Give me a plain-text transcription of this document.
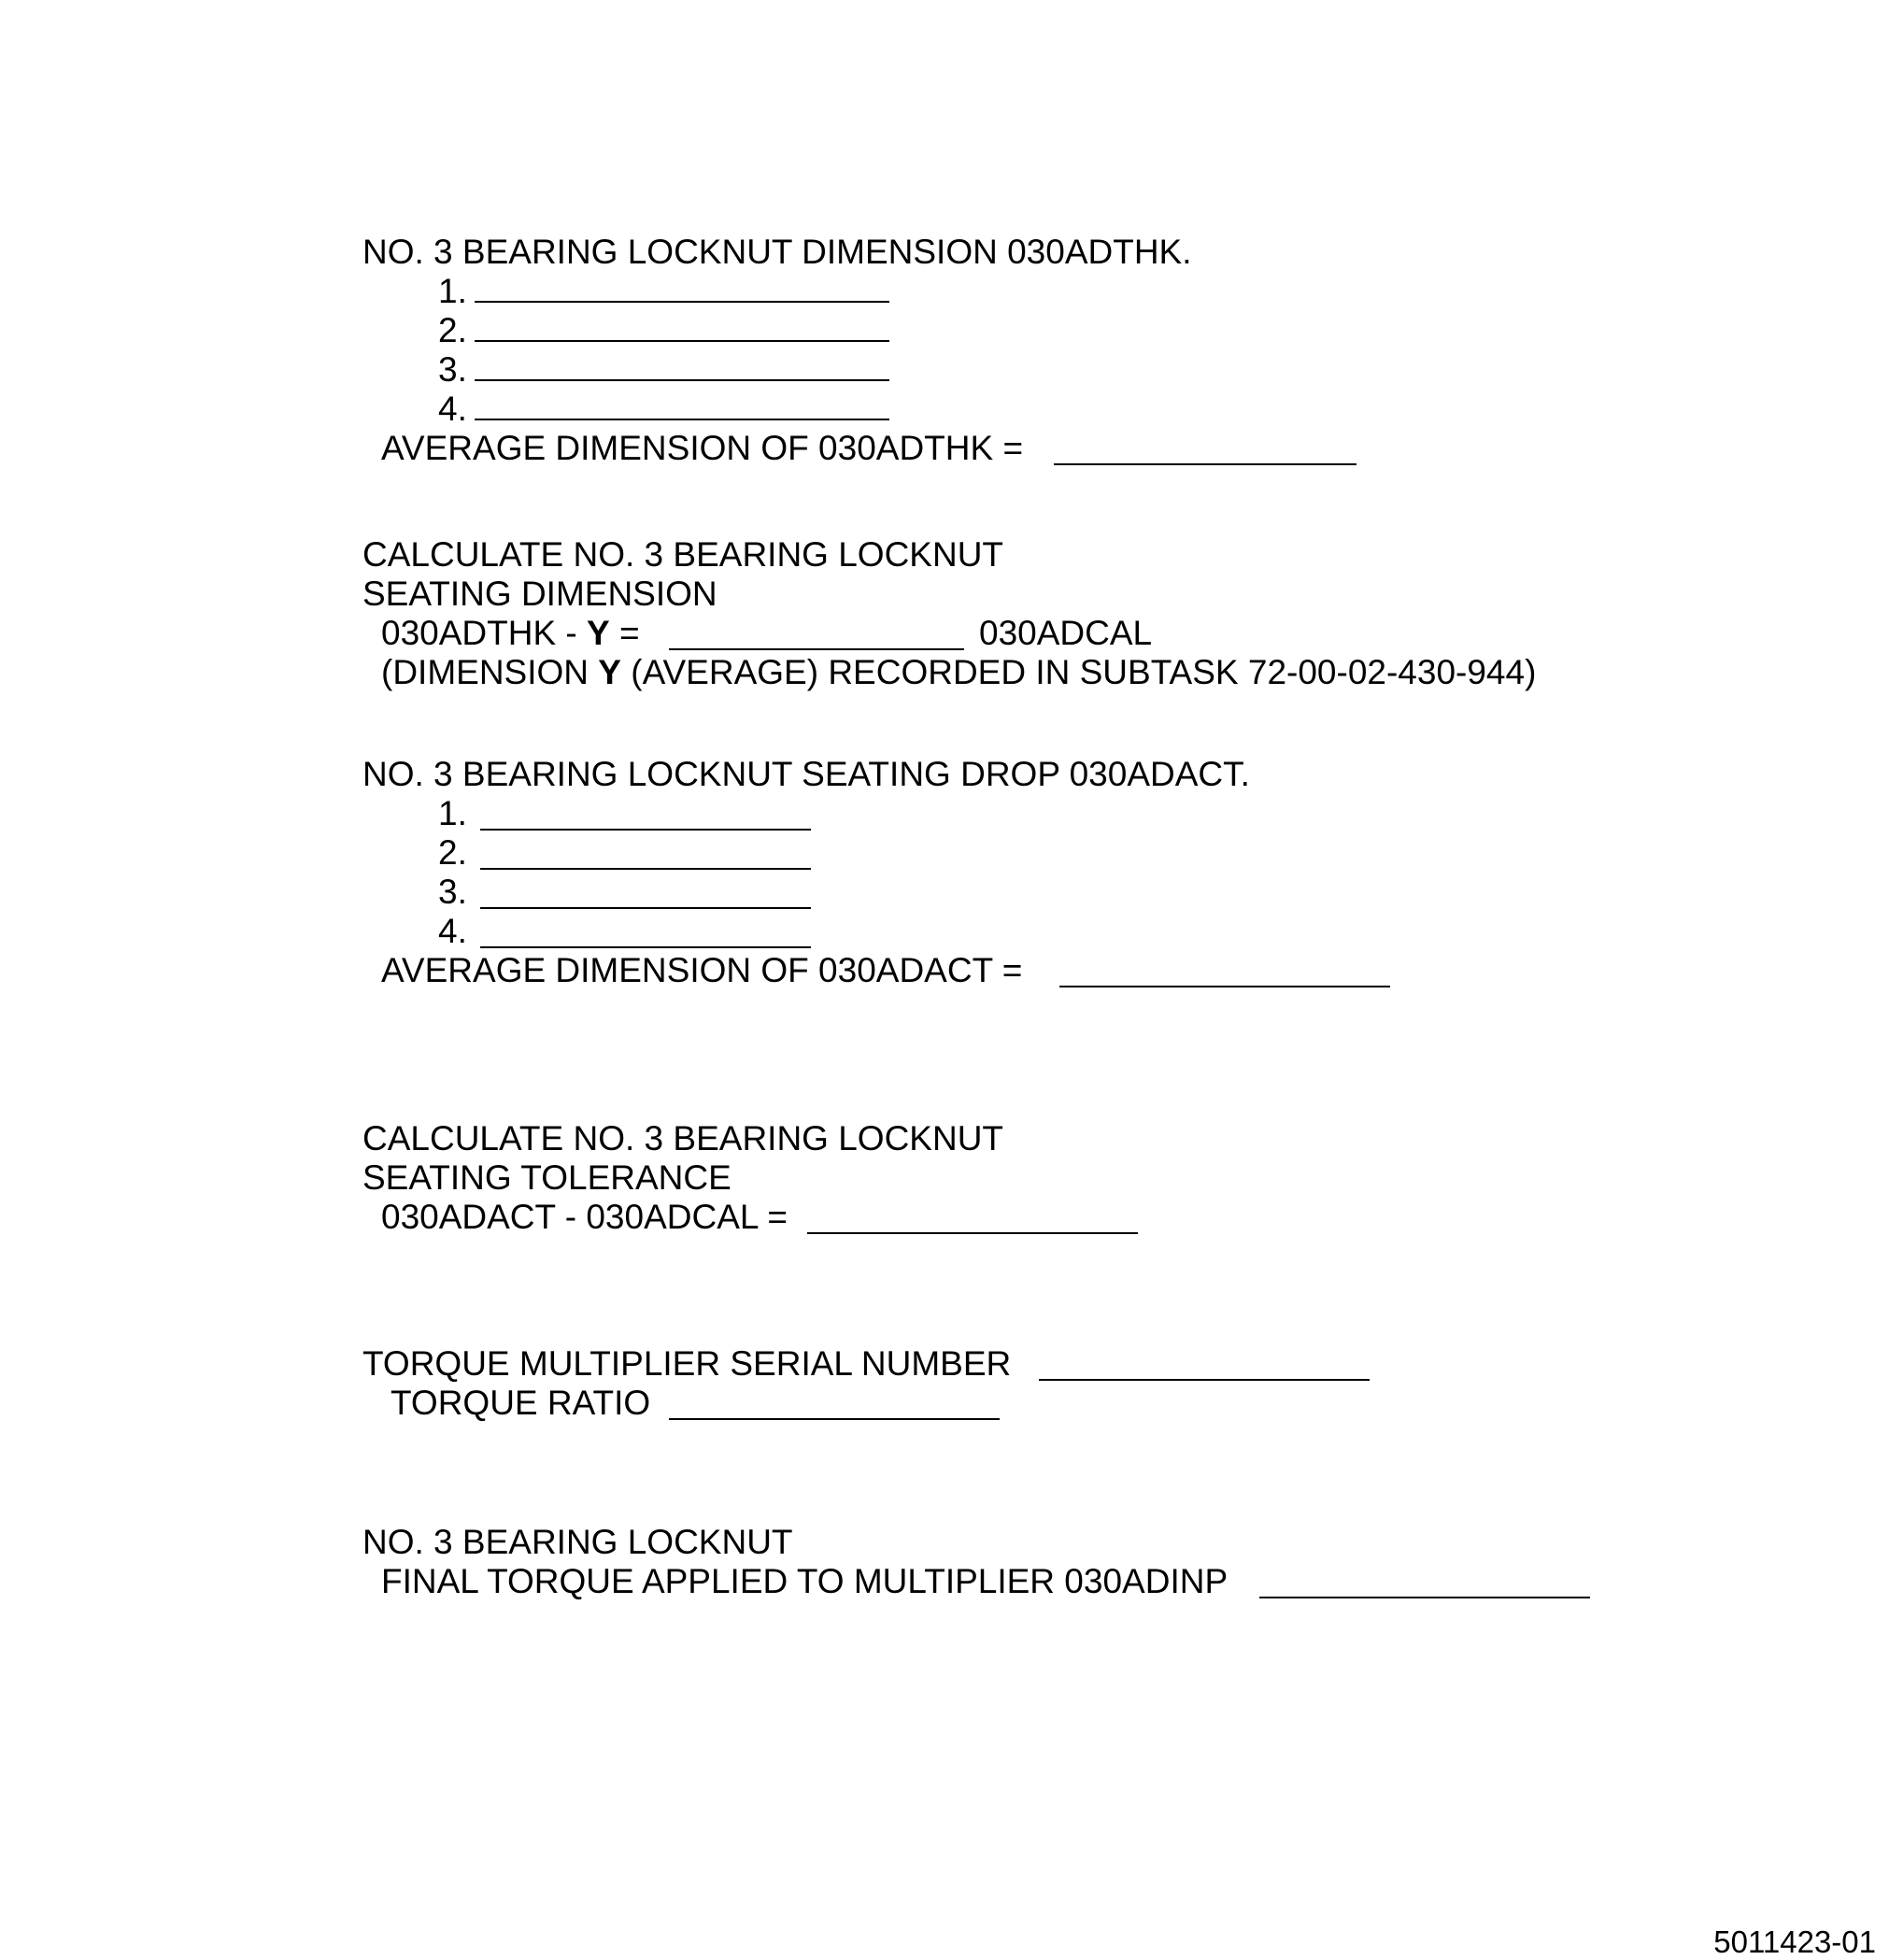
NO. 3 BEARING LOCKNUT DIMENSION 030ADTHK.
1.
2.
3.
4.
AVERAGE DIMENSION OF 030ADTHK =
CALCULATE NO. 3 BEARING LOCKNUT
SEATING DIMENSION
030ADTHK - Y =	030ADCAL
(DIMENSION Y (AVERAGE) RECORDED IN SUBTASK 72-00-02-430-944)
NO. 3 BEARING LOCKNUT SEATING DROP 030ADACT.
1.
2.
3.
4.
AVERAGE DIMENSION OF 030ADACT =
CALCULATE NO. 3 BEARING LOCKNUT
SEATING TOLERANCE
030ADACT - 030ADCAL =
TORQUE MULTIPLIER SERIAL NUMBER
TORQUE RATIO
NO. 3 BEARING LOCKNUT
FINAL TORQUE APPLIED TO MULTIPLIER 030ADINP
5011423-01
